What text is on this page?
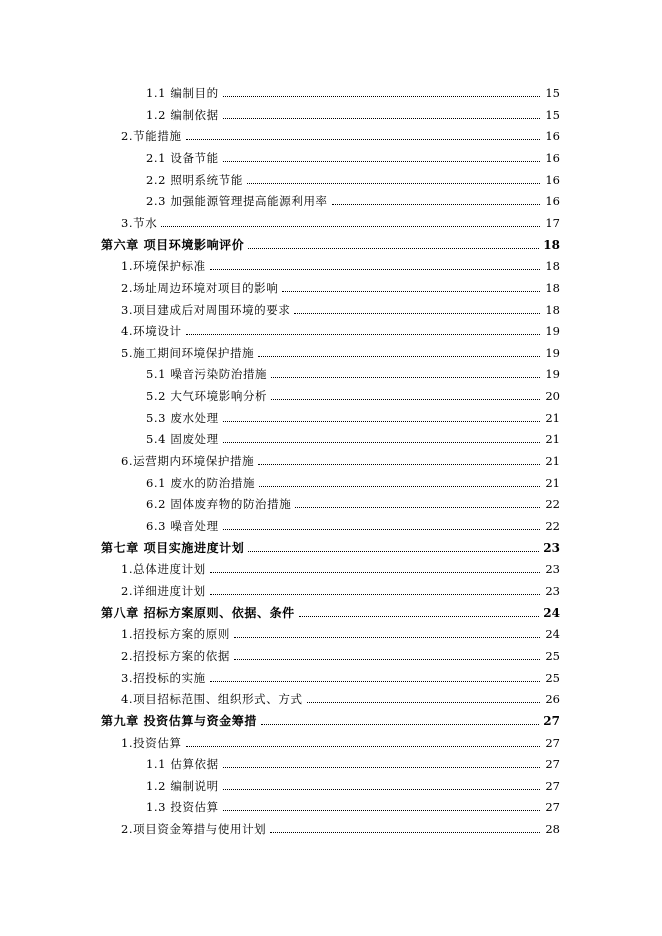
1.1 编制目的	15
1.2 编制依据	15
2.节能措施	16
2.1 设备节能	16
2.2 照明系统节能	16
2.3 加强能源管理提高能源利用率	16
3.节水	17
第六章 项目环境影响评价	18
1.环境保护标准	18
2.场址周边环境对项目的影响	18
3.项目建成后对周围环境的要求	18
4.环境设计	19
5.施工期间环境保护措施	19
5.1 噪音污染防治措施	19
5.2 大气环境影响分析	20
5.3 废水处理	21
5.4 固废处理	21
6.运营期内环境保护措施	21
6.1 废水的防治措施	21
6.2 固体废弃物的防治措施	22
6.3 噪音处理	22
第七章 项目实施进度计划	23
1.总体进度计划	23
2.详细进度计划	23
第八章 招标方案原则、依据、条件	24
1.招投标方案的原则	24
2.招投标方案的依据	25
3.招投标的实施	25
4.项目招标范围、组织形式、方式	26
第九章 投资估算与资金筹措	27
1.投资估算	27
1.1 估算依据	27
1.2 编制说明	27
1.3 投资估算	27
2.项目资金筹措与使用计划	28
